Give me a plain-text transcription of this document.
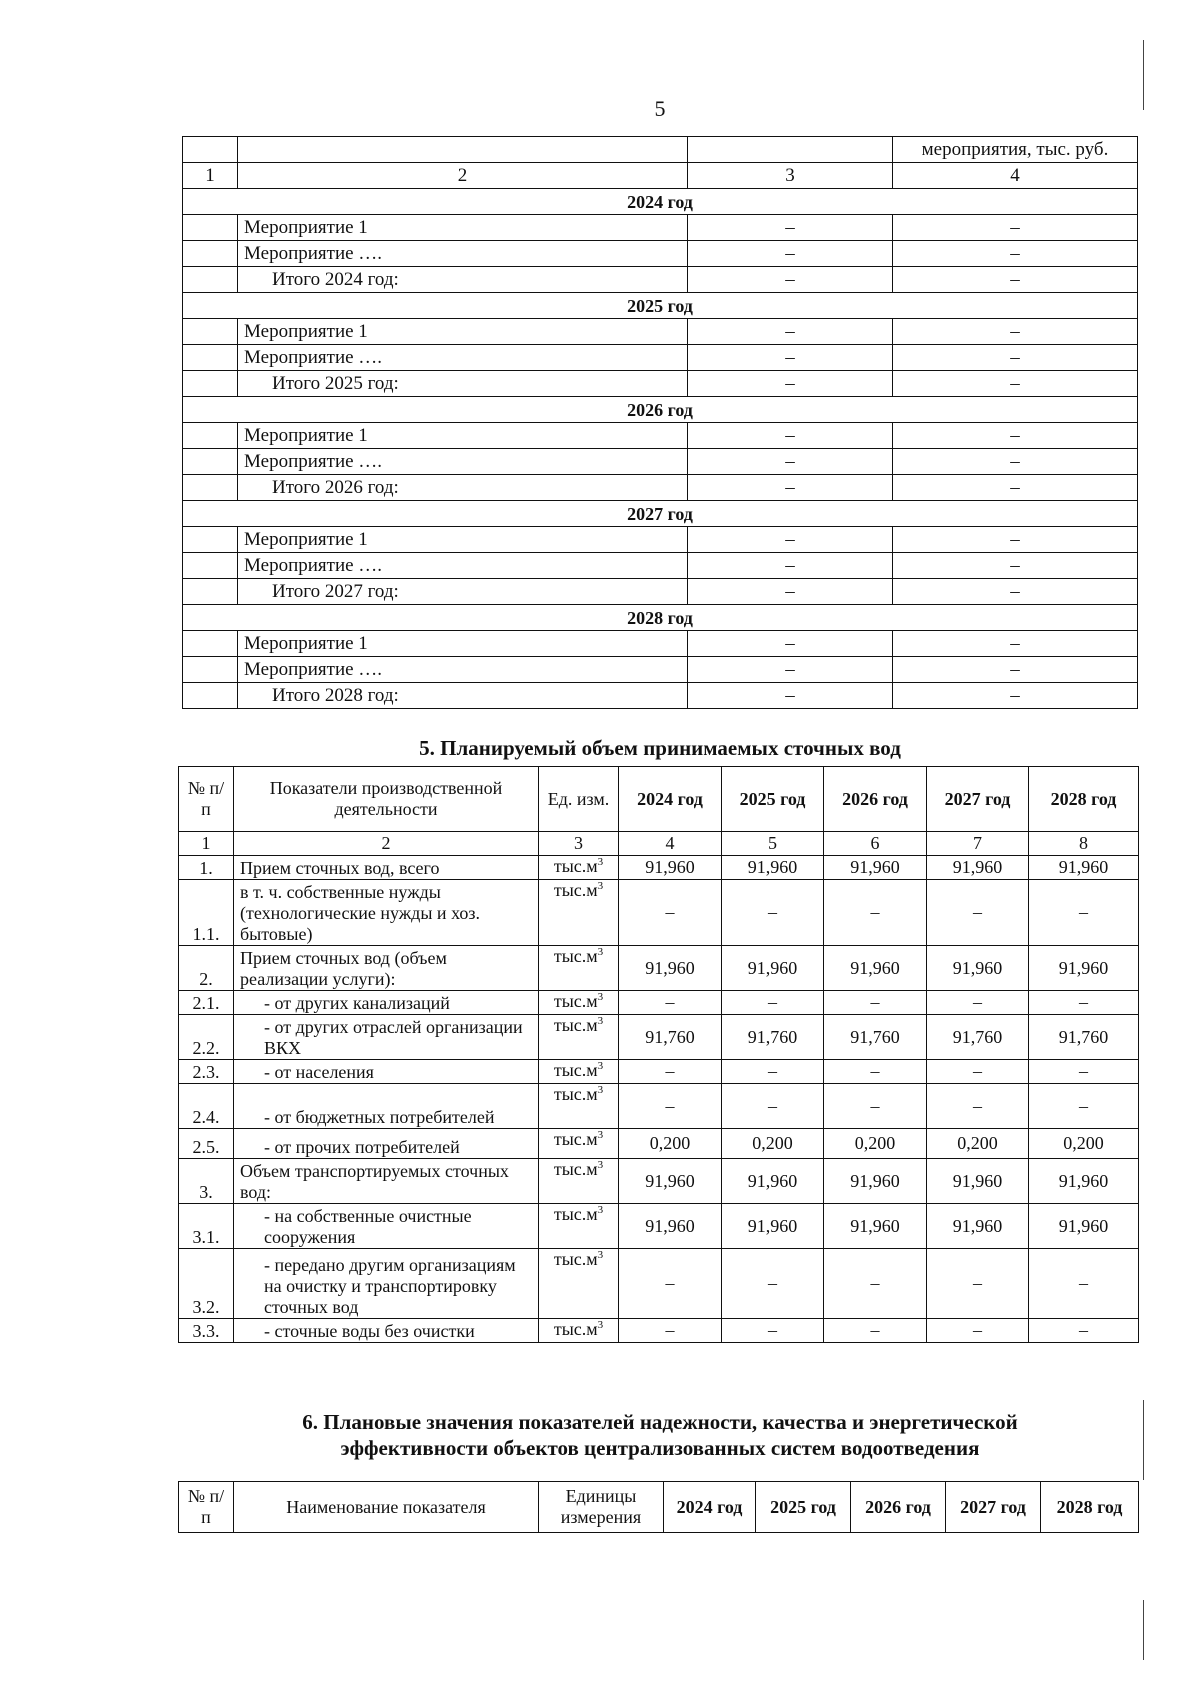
5
			мероприятия, тыс. руб.
1	2	3	4
2024 год			
	Мероприятие 1	–	–
	Мероприятие ….	–	–
	Итого 2024 год:	–	–
2025 год			
	Мероприятие 1	–	–
	Мероприятие ….	–	–
	Итого 2025 год:	–	–
2026 год			
	Мероприятие 1	–	–
	Мероприятие ….	–	–
	Итого 2026 год:	–	–
2027 год			
	Мероприятие 1	–	–
	Мероприятие ….	–	–
	Итого 2027 год:	–	–
2028 год			
	Мероприятие 1	–	–
	Мероприятие ….	–	–
	Итого 2028 год:	–	–
5. Планируемый объем принимаемых сточных вод
№ п/п	Показатели производственной деятельности	Ед. изм.	2024 год	2025 год	2026 год	2027 год	2028 год
1	2	3	4	5	6	7	8
1.	Прием сточных вод, всего	$тыс.м^3$	91,960	91,960	91,960	91,960	91,960
1.1.	в т. ч. собственные нужды (технологические нужды и хоз. бытовые)	$тыс.м^3$	–	–	–	–	–
2.	Прием сточных вод (объем реализации услуги):	$тыс.м^3$	91,960	91,960	91,960	91,960	91,960
2.1.	- от других канализаций	$тыс.м^3$	–	–	–	–	–
2.2.	- от других отраслей организации ВКХ	$тыс.м^3$	91,760	91,760	91,760	91,760	91,760
2.3.	- от населения	$тыс.м^3$	–	–	–	–	–
2.4.	- от бюджетных потребителей	$тыс.м^3$	–	–	–	–	–
2.5.	- от прочих потребителей	$тыс.м^3$	0,200	0,200	0,200	0,200	0,200
3.	Объем транспортируемых сточных вод:	$тыс.м^3$	91,960	91,960	91,960	91,960	91,960
3.1.	- на собственные очистные сооружения	$тыс.м^3$	91,960	91,960	91,960	91,960	91,960
3.2.	- передано другим организациям на очистку и транспортировку сточных вод	$тыс.м^3$	–	–	–	–	–
3.3.	- сточные воды без очистки	$тыс.м^3$	–	–	–	–	–
6. Плановые значения показателей надежности, качества и энергетической
эффективности объектов централизованных систем водоотведения
№ п/п	Наименование показателя	Единицы измерения	2024 год	2025 год	2026 год	2027 год	2028 год
